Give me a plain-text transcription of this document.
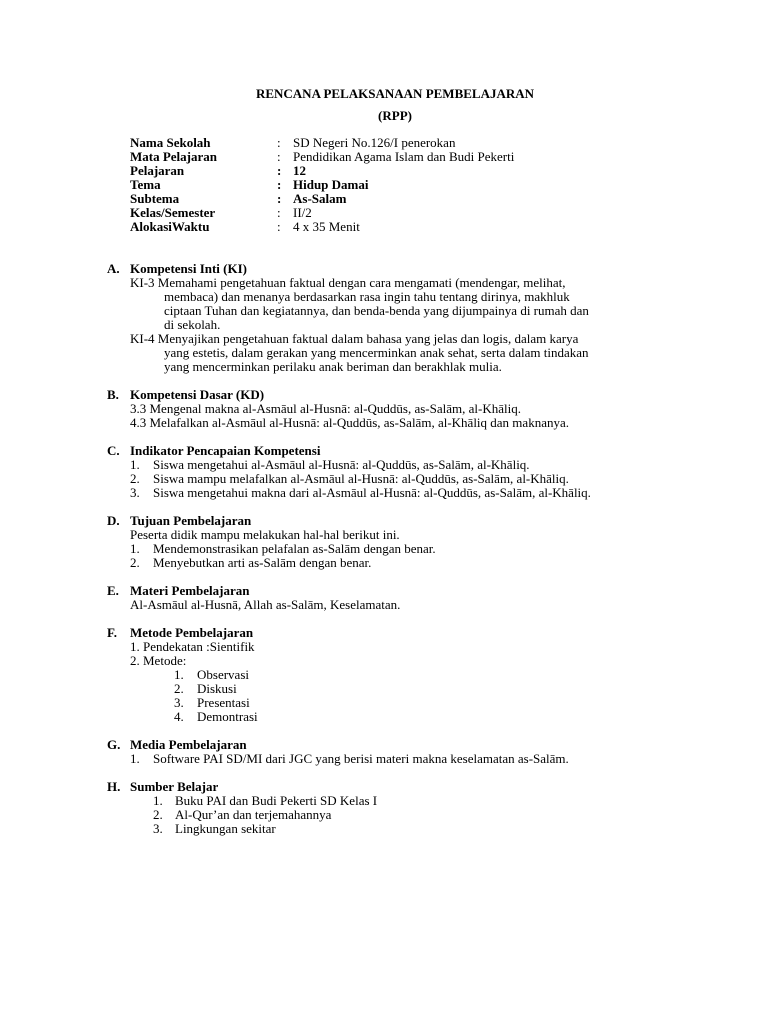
RENCANA PELAKSANAAN PEMBELAJARAN
(RPP)
Nama Sekolah	: SD Negeri No.126/I penerokan
Mata Pelajaran	: Pendidikan Agama Islam dan Budi Pekerti
Pelajaran	: 12
Tema	: Hidup Damai
Subtema	: As-Salam
Kelas/Semester	: II/2
AlokasiWaktu	: 4 x 35 Menit
A. Kompetensi Inti (KI)
KI-3 Memahami pengetahuan faktual dengan cara mengamati (mendengar, melihat,
membaca) dan menanya berdasarkan rasa ingin tahu tentang dirinya, makhluk
ciptaan Tuhan dan kegiatannya, dan benda-benda yang dijumpainya di rumah dan
di sekolah.
KI-4 Menyajikan pengetahuan faktual dalam bahasa yang jelas dan logis, dalam karya
yang estetis, dalam gerakan yang mencerminkan anak sehat, serta dalam tindakan
yang mencerminkan perilaku anak beriman dan berakhlak mulia.
B. Kompetensi Dasar (KD)
3.3 Mengenal makna al-Asmāul al-Husnā: al-Quddūs, as-Salām, al-Khāliq.
4.3 Melafalkan al-Asmāul al-Husnā: al-Quddūs, as-Salām, al-Khāliq dan maknanya.
C. Indikator Pencapaian Kompetensi
1. Siswa mengetahui al-Asmāul al-Husnā: al-Quddūs, as-Salām, al-Khāliq.
2. Siswa mampu melafalkan al-Asmāul al-Husnā: al-Quddūs, as-Salām, al-Khāliq.
3. Siswa mengetahui makna dari al-Asmāul al-Husnā: al-Quddūs, as-Salām, al-Khāliq.
D. Tujuan Pembelajaran
Peserta didik mampu melakukan hal-hal berikut ini.
1. Mendemonstrasikan pelafalan as-Salām dengan benar.
2. Menyebutkan arti as-Salām dengan benar.
E. Materi Pembelajaran
Al-Asmāul al-Husnā, Allah as-Salām, Keselamatan.
F. Metode Pembelajaran
1. Pendekatan :Sientifik
2. Metode:
1. Observasi
2. Diskusi
3. Presentasi
4. Demontrasi
G. Media Pembelajaran
1. Software PAI SD/MI dari JGC yang berisi materi makna keselamatan as-Salām.
H. Sumber Belajar
1. Buku PAI dan Budi Pekerti SD Kelas I
2. Al-Qur’an dan terjemahannya
3. Lingkungan sekitar
